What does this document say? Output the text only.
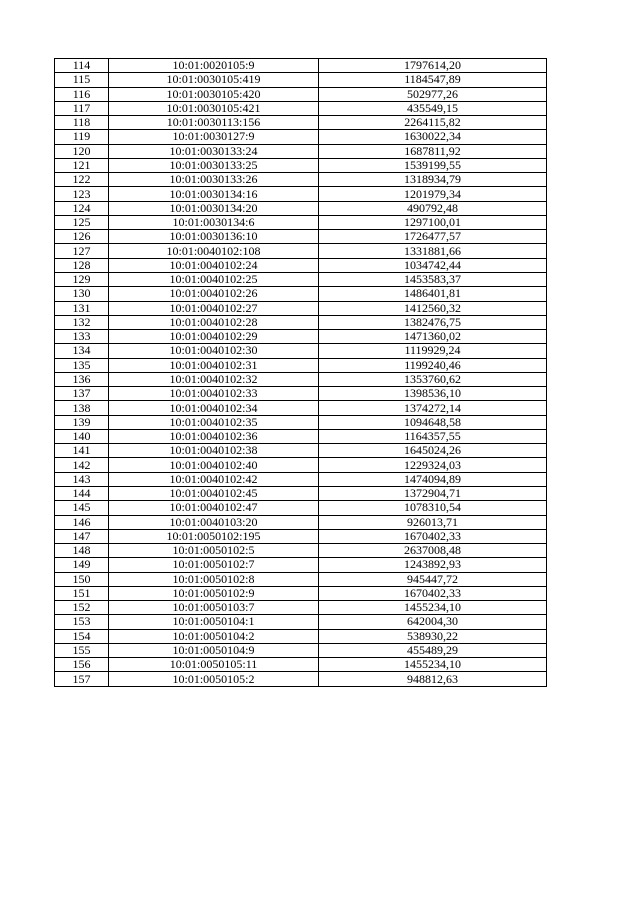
114	10:01:0020105:9	1797614,20
115	10:01:0030105:419	1184547,89
116	10:01:0030105:420	502977,26
117	10:01:0030105:421	435549,15
118	10:01:0030113:156	2264115,82
119	10:01:0030127:9	1630022,34
120	10:01:0030133:24	1687811,92
121	10:01:0030133:25	1539199,55
122	10:01:0030133:26	1318934,79
123	10:01:0030134:16	1201979,34
124	10:01:0030134:20	490792,48
125	10:01:0030134:6	1297100,01
126	10:01:0030136:10	1726477,57
127	10:01:0040102:108	1331881,66
128	10:01:0040102:24	1034742,44
129	10:01:0040102:25	1453583,37
130	10:01:0040102:26	1486401,81
131	10:01:0040102:27	1412560,32
132	10:01:0040102:28	1382476,75
133	10:01:0040102:29	1471360,02
134	10:01:0040102:30	1119929,24
135	10:01:0040102:31	1199240,46
136	10:01:0040102:32	1353760,62
137	10:01:0040102:33	1398536,10
138	10:01:0040102:34	1374272,14
139	10:01:0040102:35	1094648,58
140	10:01:0040102:36	1164357,55
141	10:01:0040102:38	1645024,26
142	10:01:0040102:40	1229324,03
143	10:01:0040102:42	1474094,89
144	10:01:0040102:45	1372904,71
145	10:01:0040102:47	1078310,54
146	10:01:0040103:20	926013,71
147	10:01:0050102:195	1670402,33
148	10:01:0050102:5	2637008,48
149	10:01:0050102:7	1243892,93
150	10:01:0050102:8	945447,72
151	10:01:0050102:9	1670402,33
152	10:01:0050103:7	1455234,10
153	10:01:0050104:1	642004,30
154	10:01:0050104:2	538930,22
155	10:01:0050104:9	455489,29
156	10:01:0050105:11	1455234,10
157	10:01:0050105:2	948812,63
